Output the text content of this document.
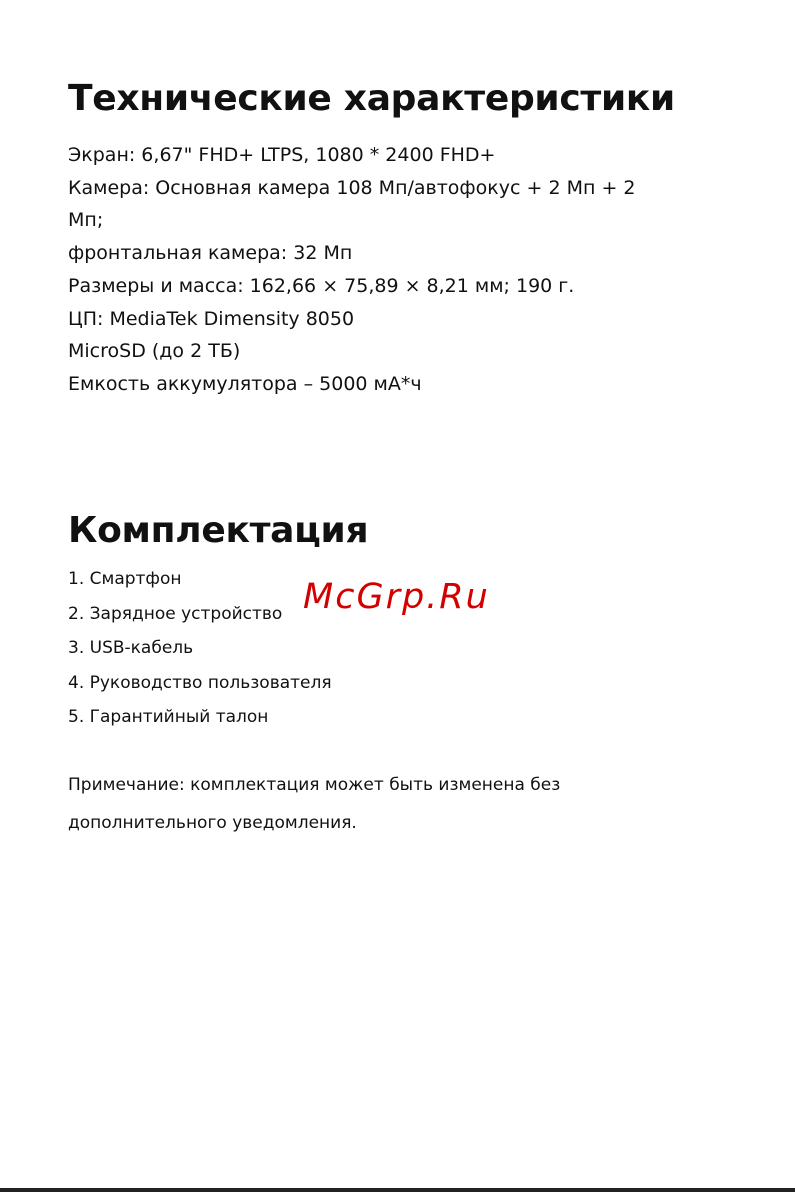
Технические характеристики
Экран: 6,67" FHD+ LTPS, 1080 * 2400 FHD+
Камера: Основная камера 108 Мп/автофокус + 2 Мп + 2
Мп;
фронтальная камера: 32 Мп
Размеры и масса: 162,66 × 75,89 × 8,21 мм; 190 г.
ЦП: MediaTek Dimensity 8050
MicroSD (до 2 ТБ)
Емкость аккумулятора – 5000 мА*ч
Комплектация
1. Смартфон
2. Зарядное устройство
3. USB-кабель
4. Руководство пользователя
5. Гарантийный талон
Примечание: комплектация может быть изменена без
дополнительного уведомления.
McGrp.Ru
